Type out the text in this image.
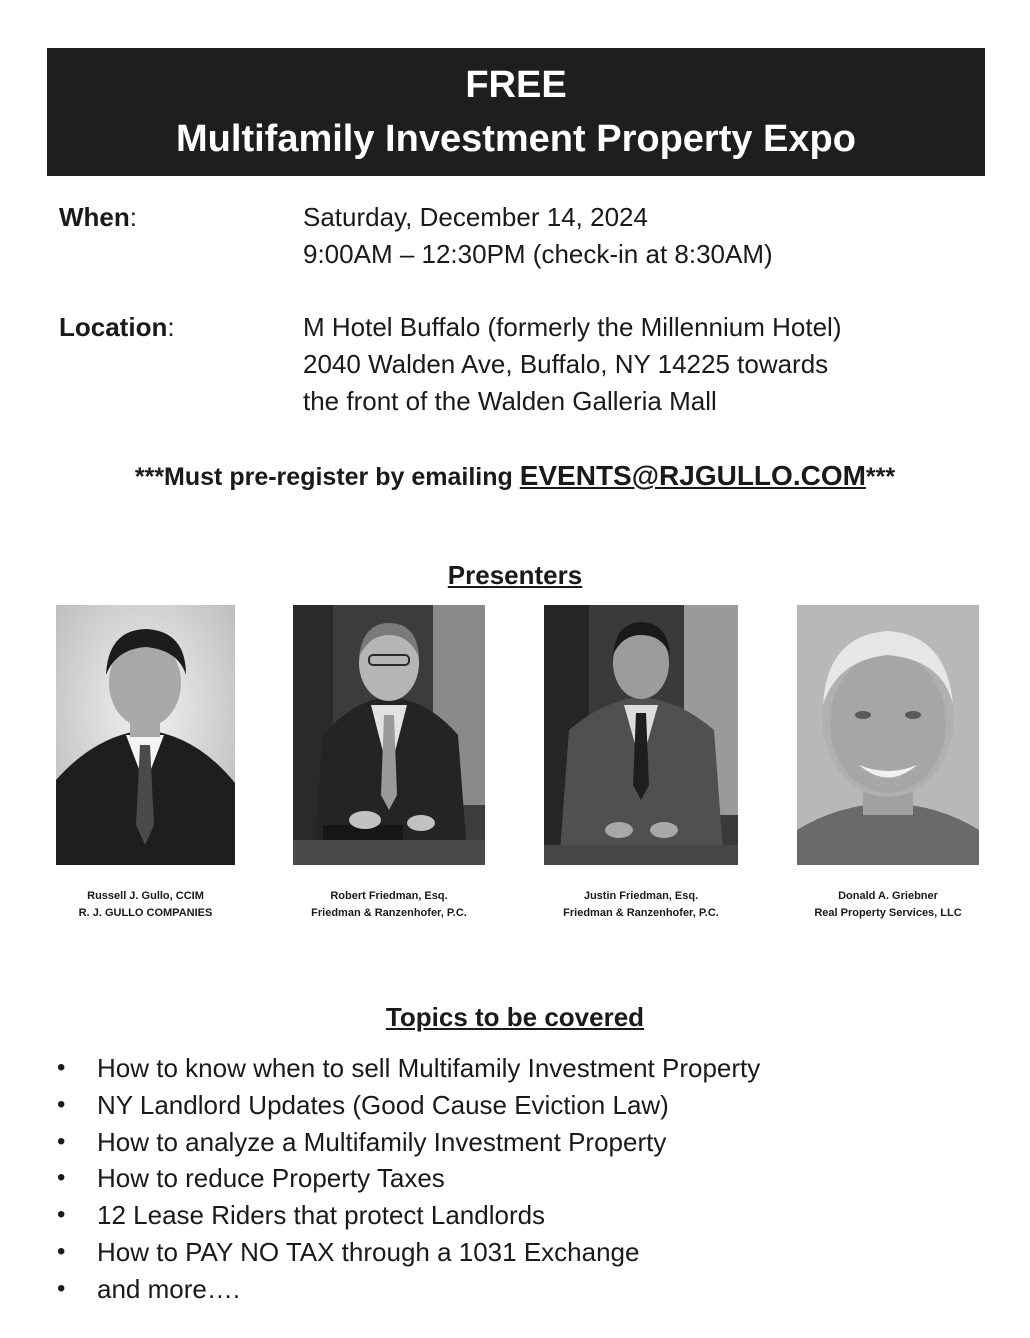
FREE
Multifamily Investment Property Expo
When:	Saturday, December 14, 2024
9:00AM – 12:30PM (check-in at 8:30AM)
Location:	M Hotel Buffalo (formerly the Millennium Hotel)
2040 Walden Ave, Buffalo, NY 14225 towards
the front of the Walden Galleria Mall
***Must pre-register by emailing EVENTS@RJGULLO.COM***
Presenters
Russell J. Gullo, CCIM
R. J. GULLO COMPANIES
Robert Friedman, Esq.
Friedman & Ranzenhofer, P.C.
Justin Friedman, Esq.
Friedman & Ranzenhofer, P.C.
Donald A. Griebner
Real Property Services, LLC
Topics to be covered
• How to know when to sell Multifamily Investment Property
• NY Landlord Updates (Good Cause Eviction Law)
• How to analyze a Multifamily Investment Property
• How to reduce Property Taxes
• 12 Lease Riders that protect Landlords
• How to PAY NO TAX through a 1031 Exchange
• and more….
